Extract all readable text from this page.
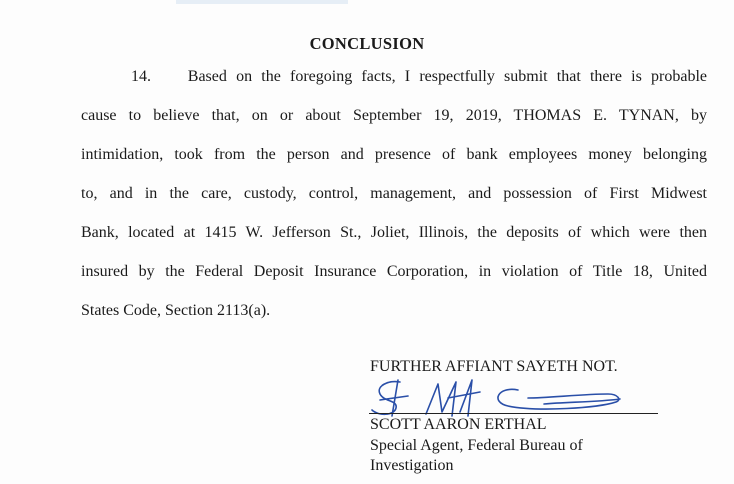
CONCLUSION
14.    Based on the foregoing facts, I respectfully submit that there is probable
cause to believe that, on or about September 19, 2019, THOMAS E. TYNAN, by
intimidation, took from the person and presence of bank employees money belonging
to, and in the care, custody, control, management, and possession of First Midwest
Bank, located at 1415 W. Jefferson St., Joliet, Illinois, the deposits of which were then
insured by the Federal Deposit Insurance Corporation, in violation of Title 18, United
States Code, Section 2113(a).
FURTHER AFFIANT SAYETH NOT.
SCOTT AARON ERTHAL
Special Agent, Federal Bureau of
Investigation
